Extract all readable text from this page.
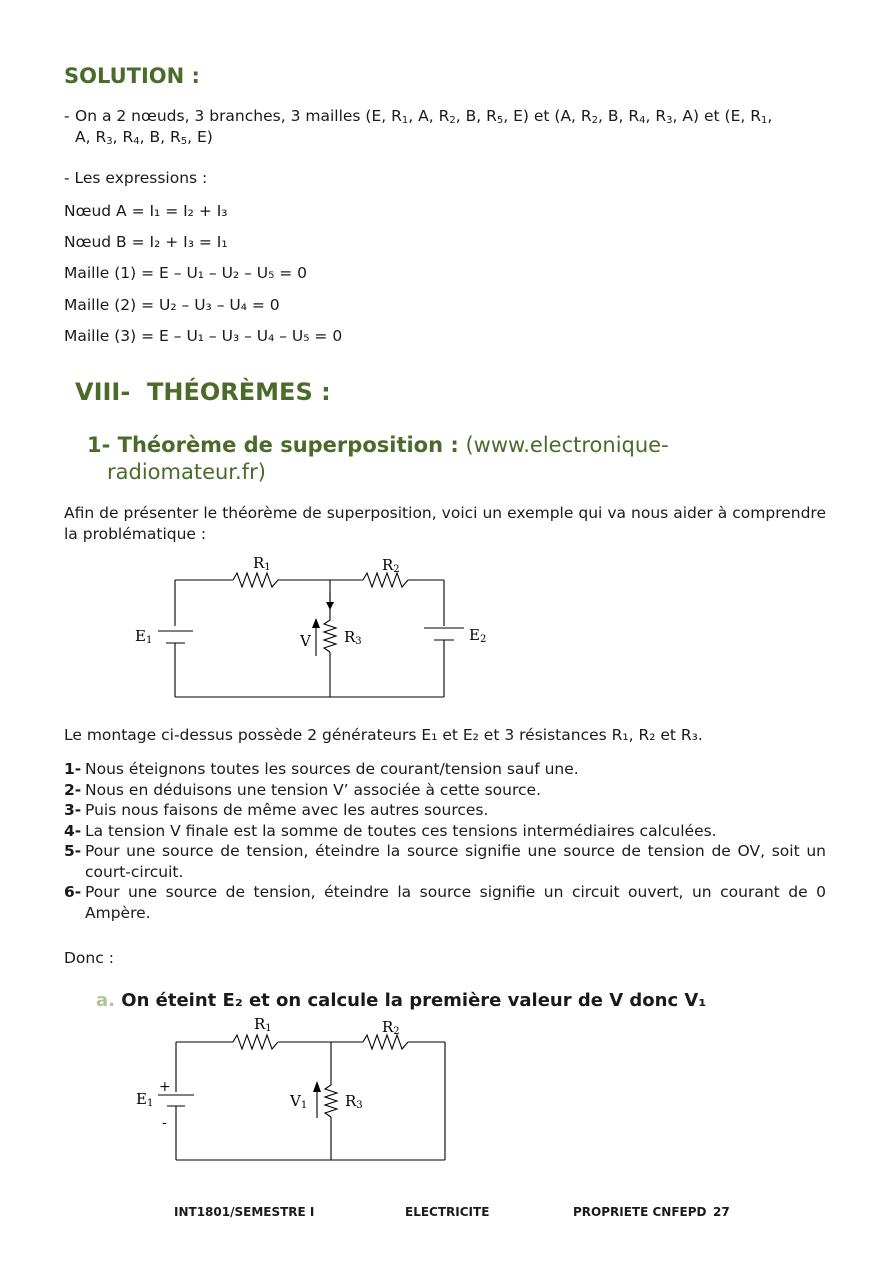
SOLUTION :
- On a 2 nœuds, 3 branches, 3 mailles (E, $R_1$, A, $R_2$, B, $R_5$, E) et (A, $R_2$, B, $R_4$, $R_3$, A) et (E, $R_1$,
A, $R_3$, $R_4$, B, $R_5$, E)
- Les expressions :
Nœud A = I₁ = I₂ + I₃
Nœud B = I₂ + I₃ = I₁
Maille (1) = E – U₁ – U₂ – U₅ = 0
Maille (2) = U₂ – U₃ – U₄ = 0
Maille (3) = E – U₁ – U₃ – U₄ – U₅ = 0
VIII-  THÉORÈMES :
1- Théorème de superposition : (www.electronique-
radiomateur.fr)
Afin de présenter le théorème de superposition, voici un exemple qui va nous aider à comprendre la problématique :
R1	R2
E1	E2
V R3
Le montage ci-dessus possède 2 générateurs E₁ et E₂ et 3 résistances R₁, R₂ et R₃.
1- Nous éteignons toutes les sources de courant/tension sauf une.
2- Nous en déduisons une tension V’ associée à cette source.
3- Puis nous faisons de même avec les autres sources.
4- La tension V finale est la somme de toutes ces tensions intermédiaires calculées.
5- Pour une source de tension, éteindre la source signifie une source de tension de OV, soit un court-circuit.
6- Pour une source de tension, éteindre la source signifie un circuit ouvert, un courant de 0 Ampère.
Donc :
a. On éteint E₂ et on calcule la première valeur de V donc V₁
R1	R2
+
-
E1	V1	R3
INT1801/SEMESTRE I	ELECTRICITE	PROPRIETE CNFEPD 27
